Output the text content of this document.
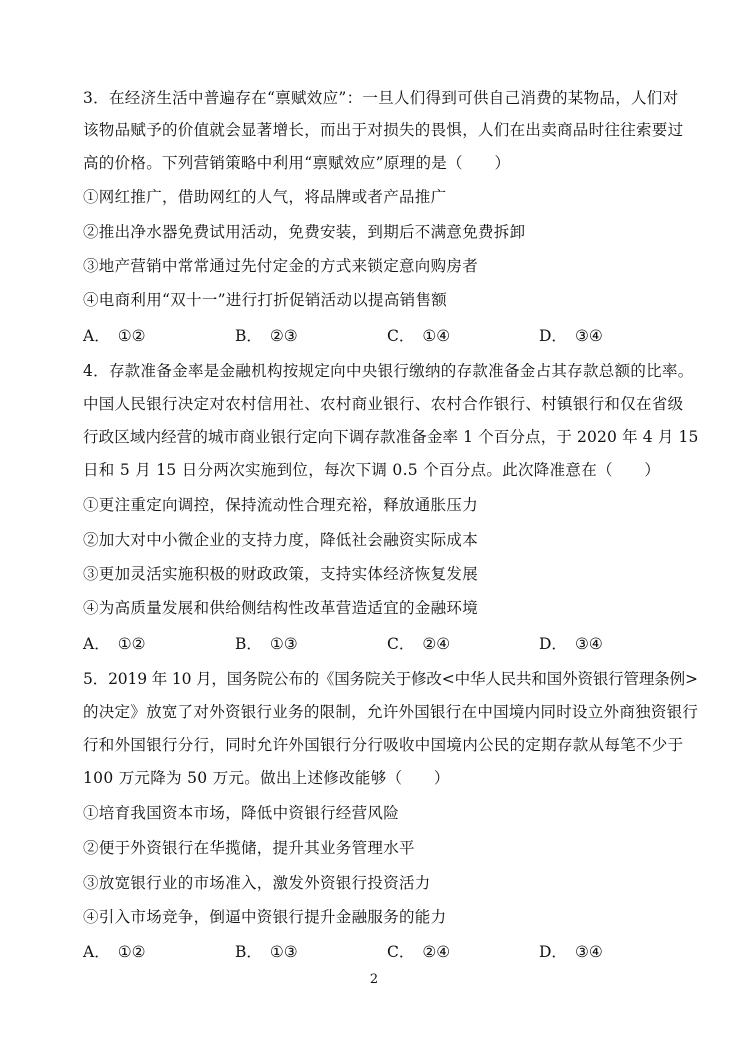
3．在经济生活中普遍存在“禀赋效应”：一旦人们得到可供自己消费的某物品，人们对
该物品赋予的价值就会显著增长，而出于对损失的畏惧，人们在出卖商品时往往索要过
高的价格。下列营销策略中利用“禀赋效应”原理的是（　　）
①网红推广，借助网红的人气，将品牌或者产品推广
②推出净水器免费试用活动，免费安装，到期后不满意免费拆卸
③地产营销中常常通过先付定金的方式来锁定意向购房者
④电商利用“双十一”进行打折促销活动以提高销售额
A． ①②	B． ②③	C． ①④	D． ③④
4．存款准备金率是金融机构按规定向中央银行缴纳的存款准备金占其存款总额的比率。
中国人民银行决定对农村信用社、农村商业银行、农村合作银行、村镇银行和仅在省级
行政区域内经营的城市商业银行定向下调存款准备金率 1 个百分点，于 2020 年 4 月 15
日和 5 月 15 日分两次实施到位，每次下调 0.5 个百分点。此次降准意在（　　）
①更注重定向调控，保持流动性合理充裕，释放通胀压力
②加大对中小微企业的支持力度，降低社会融资实际成本
③更加灵活实施积极的财政政策，支持实体经济恢复发展
④为高质量发展和供给侧结构性改革营造适宜的金融环境
A． ①②	B． ①③	C． ②④	D． ③④
5．2019 年 10 月，国务院公布的《国务院关于修改<中华人民共和国外资银行管理条例>
的决定》放宽了对外资银行业务的限制，允许外国银行在中国境内同时设立外商独资银行
行和外国银行分行，同时允许外国银行分行吸收中国境内公民的定期存款从每笔不少于
100 万元降为 50 万元。做出上述修改能够（　　）
①培育我国资本市场，降低中资银行经营风险
②便于外资银行在华揽储，提升其业务管理水平
③放宽银行业的市场准入，激发外资银行投资活力
④引入市场竞争，倒逼中资银行提升金融服务的能力
A． ①②	B． ①③	C． ②④	D． ③④
2
